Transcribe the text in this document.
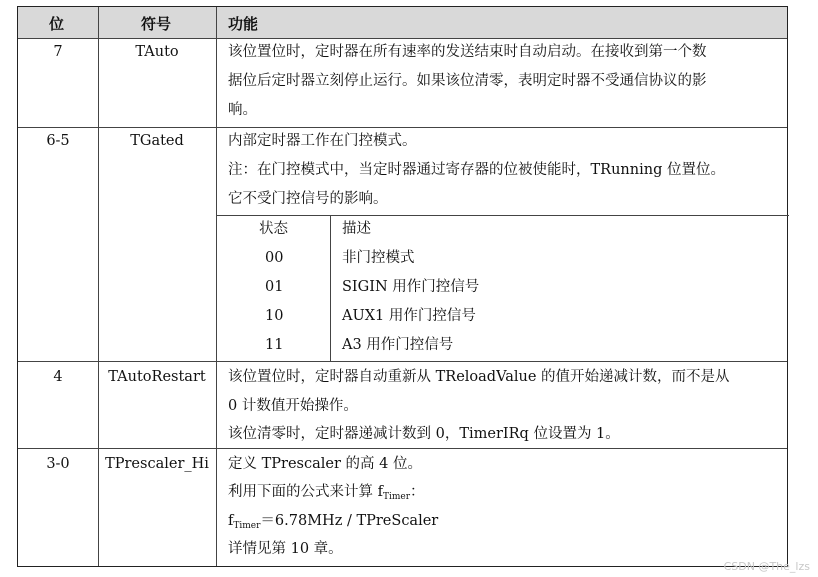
位	符号	功能
7	TAuto	该位置位时，定时器在所有速率的发送结束时自动启动。在接收到第一个数
据位后定时器立刻停止运行。如果该位清零，表明定时器不受通信协议的影
响。
6-5	TGated	内部定时器工作在门控模式。
注：在门控模式中，当定时器通过寄存器的位被使能时，TRunning 位置位。
它不受门控信号的影响。
状态	描述
00	非门控模式
01	SIGIN 用作门控信号
10	AUX1 用作门控信号
11	A3 用作门控信号
4	TAutoRestart	该位置位时，定时器自动重新从 TReloadValue 的值开始递减计数，而不是从
0 计数值开始操作。
该位清零时，定时器递减计数到 0，TimerIRq 位设置为 1。
3-0	TPrescaler_Hi	定义 TPrescaler 的高 4 位。
利用下面的公式来计算 $f_{Timer}$：
$f_{Timer}=6.78MHz$ / TPreScaler
详情见第 10 章。
CSDN @The_lzs
